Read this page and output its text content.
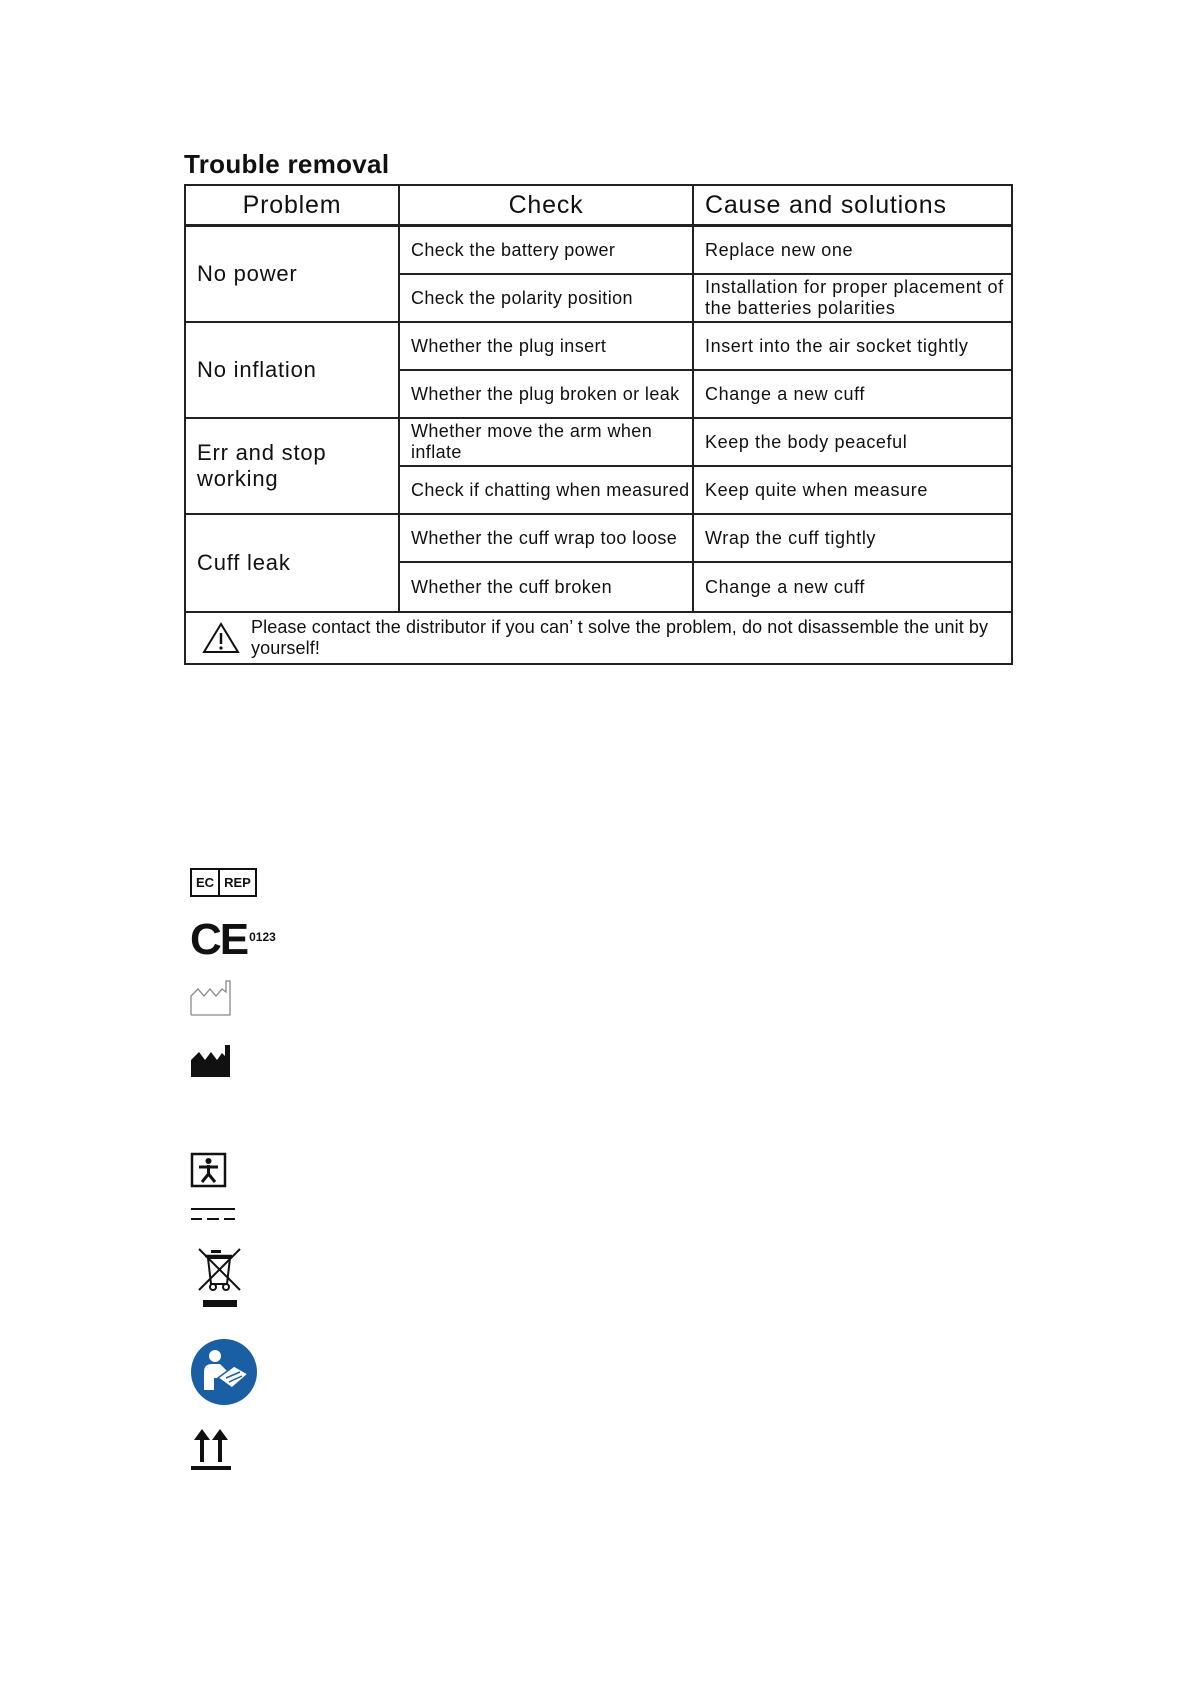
Trouble removal
Problem	Check	Cause and solutions
No power	Check the battery power	Replace new one
	Check the polarity position	Installation for proper placement of the batteries polarities
No inflation	Whether the plug insert	Insert into the air socket tightly
	Whether the plug broken or leak	Change a new cuff
Err and stop working	Whether move the arm when inflate	Keep the body peaceful
	Check if chatting when measured	Keep quite when measure
Cuff leak	Whether the cuff wrap too loose	Wrap the cuff tightly
	Whether the cuff broken	Change a new cuff

Please contact the distributor if you can’ t solve the problem, do not disassemble the unit by yourself!		
EC REP
CE 0123
